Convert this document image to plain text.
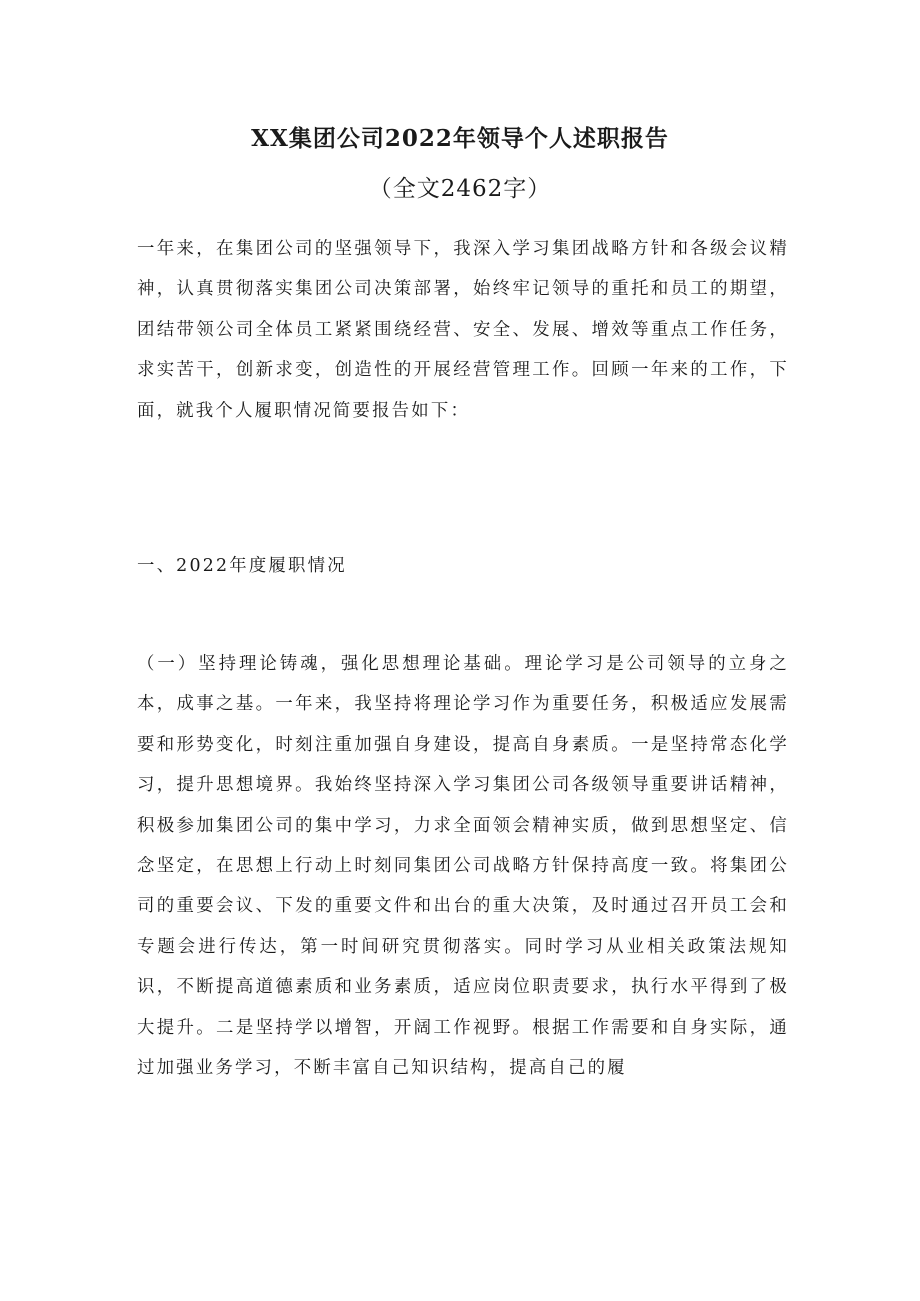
XX集团公司2022年领导个人述职报告
（全文2462字）
一年来，在集团公司的坚强领导下，我深入学习集团战略方针和各级会议精神，认真贯彻落实集团公司决策部署，始终牢记领导的重托和员工的期望，团结带领公司全体员工紧紧围绕经营、安全、发展、增效等重点工作任务，求实苦干，创新求变，创造性的开展经营管理工作。回顾一年来的工作，下面，就我个人履职情况简要报告如下：
一、2022年度履职情况
（一）坚持理论铸魂，强化思想理论基础。理论学习是公司领导的立身之本，成事之基。一年来，我坚持将理论学习作为重要任务，积极适应发展需要和形势变化，时刻注重加强自身建设，提高自身素质。一是坚持常态化学习，提升思想境界。我始终坚持深入学习集团公司各级领导重要讲话精神，积极参加集团公司的集中学习，力求全面领会精神实质，做到思想坚定、信念坚定，在思想上行动上时刻同集团公司战略方针保持高度一致。将集团公司的重要会议、下发的重要文件和出台的重大决策，及时通过召开员工会和专题会进行传达，第一时间研究贯彻落实。同时学习从业相关政策法规知识，不断提高道德素质和业务素质，适应岗位职责要求，执行水平得到了极大提升。二是坚持学以增智，开阔工作视野。根据工作需要和自身实际，通过加强业务学习，不断丰富自己知识结构，提高自己的履
